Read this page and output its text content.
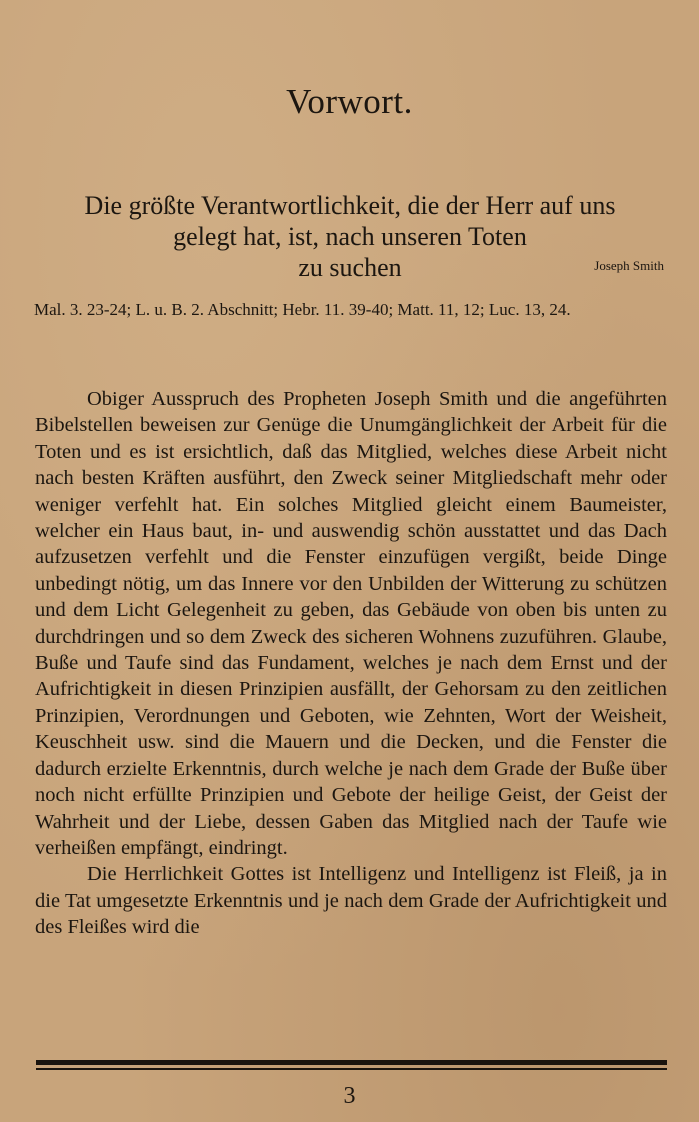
Vorwort.
Die größte Verantwortlichkeit, die der Herr auf uns
gelegt hat, ist, nach unseren Toten
zu suchen	Joseph Smith
Mal. 3. 23-24; L. u. B. 2. Abschnitt; Hebr. 11. 39-40; Matt. 11, 12; Luc. 13, 24.

Obiger Ausspruch des Propheten Joseph Smith und die angeführten Bibelstellen beweisen zur Genüge die Unumgänglichkeit der Arbeit für die Toten und es ist ersichtlich, daß das Mitglied, welches diese Arbeit nicht nach besten Kräften ausführt, den Zweck seiner Mitgliedschaft mehr oder weniger verfehlt hat. Ein solches Mitglied gleicht einem Baumeister, welcher ein Haus baut, in- und auswendig schön ausstattet und das Dach aufzusetzen verfehlt und die Fenster einzufügen vergißt, beide Dinge unbedingt nötig, um das Innere vor den Unbilden der Witterung zu schützen und dem Licht Gelegenheit zu geben, das Gebäude von oben bis unten zu durchdringen und so dem Zweck des sicheren Wohnens zuzuführen. Glaube, Buße und Taufe sind das Fundament, welches je nach dem Ernst und der Aufrichtigkeit in diesen Prinzipien ausfällt, der Gehorsam zu den zeitlichen Prinzipien, Verordnungen und Geboten, wie Zehnten, Wort der Weisheit, Keuschheit usw. sind die Mauern und die Decken, und die Fenster die dadurch erzielte Erkenntnis, durch welche je nach dem Grade der Buße über noch nicht erfüllte Prinzipien und Gebote der heilige Geist, der Geist der Wahrheit und der Liebe, dessen Gaben das Mitglied nach der Taufe wie verheißen empfängt, eindringt.

Die Herrlichkeit Gottes ist Intelligenz und Intelligenz ist Fleiß, ja in die Tat umgesetzte Erkenntnis und je nach dem Grade der Aufrichtigkeit und des Fleißes wird die

3
